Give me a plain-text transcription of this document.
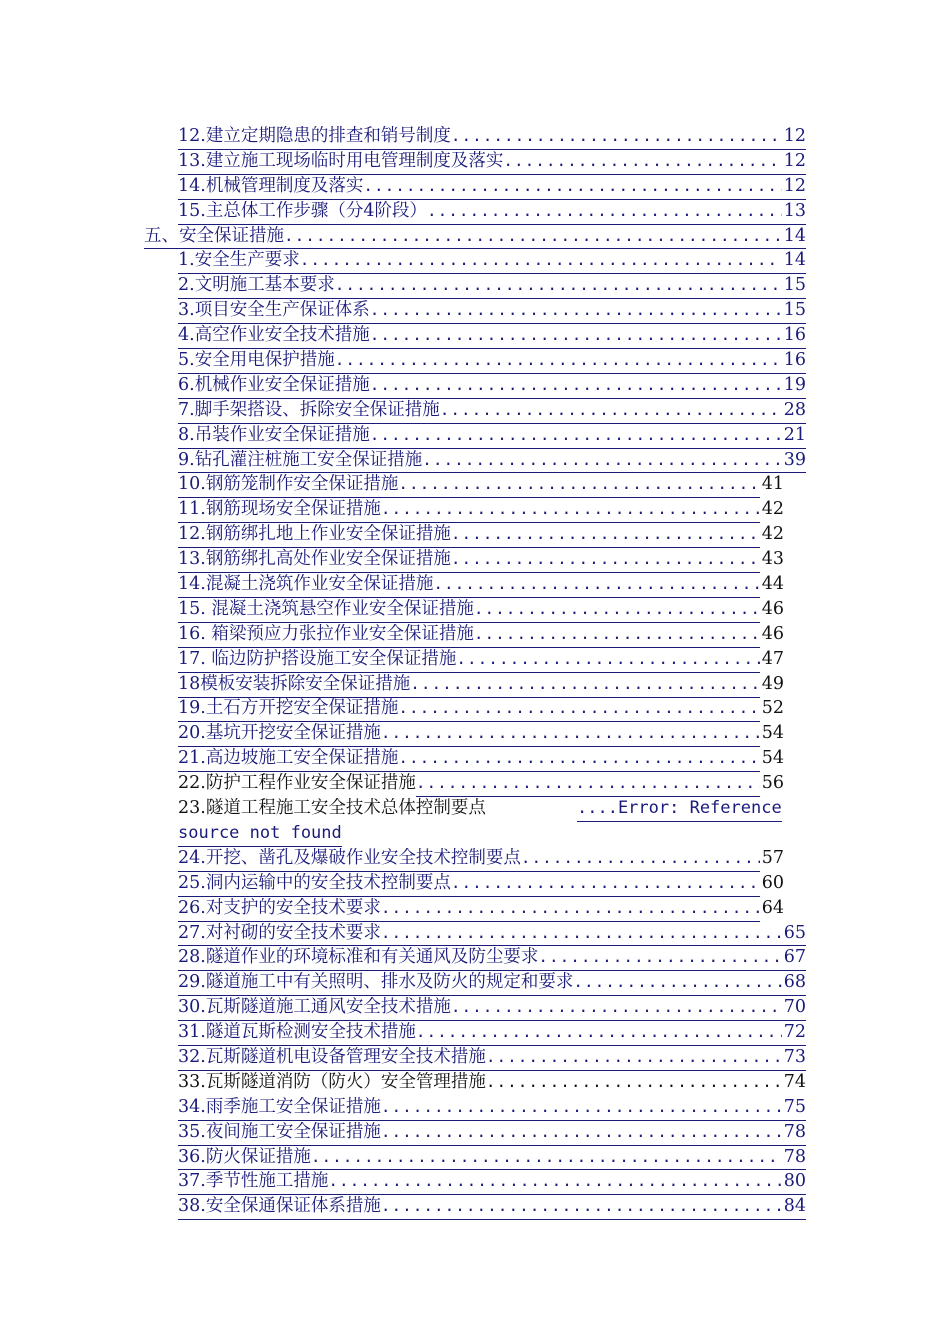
12.建立定期隐患的排查和销号制度 .....	12
13.建立施工现场临时用电管理制度及落实 .....	12
14.机械管理制度及落实 .....	12
15.主总体工作步骤（分4阶段） .....	13
五、安全保证措施 .....	14
1.安全生产要求 .....	14
2.文明施工基本要求 .....	15
3.项目安全生产保证体系 .....	15
4.高空作业安全技术措施 .....	16
5.安全用电保护措施 .....	16
6.机械作业安全保证措施 .....	19
7.脚手架搭设、拆除安全保证措施 .....	28
8.吊装作业安全保证措施 .....	21
9.钻孔灌注桩施工安全保证措施 .....	39
10.钢筋笼制作安全保证措施 .....	41
11.钢筋现场安全保证措施 .....	42
12.钢筋绑扎地上作业安全保证措施 .....	42
13.钢筋绑扎高处作业安全保证措施 .....	43
14.混凝土浇筑作业安全保证措施 .....	44
15. 混凝土浇筑悬空作业安全保证措施 .....	46
16. 箱梁预应力张拉作业安全保证措施 .....	46
17. 临边防护搭设施工安全保证措施 .....	47
18模板安装拆除安全保证措施 .....	49
19.土石方开挖安全保证措施 .....	52
20.基坑开挖安全保证措施 .....	54
21.高边坡施工安全保证措施 .....	54
22.防护工程作业安全保证措施 .....	56
23.隧道工程施工安全技术总体控制要点	....Error: Reference
source not found
24.开挖、凿孔及爆破作业安全技术控制要点 .....	57
25.洞内运输中的安全技术控制要点 .....	60
26.对支护的安全技术要求 .....	64
27.对衬砌的安全技术要求 .....	65
28.隧道作业的环境标准和有关通风及防尘要求 .....	67
29.隧道施工中有关照明、排水及防火的规定和要求 .....	68
30.瓦斯隧道施工通风安全技术措施 .....	70
31.隧道瓦斯检测安全技术措施 .....	72
32.瓦斯隧道机电设备管理安全技术措施 .....	73
33.瓦斯隧道消防（防火）安全管理措施 .....	74
34.雨季施工安全保证措施 .....	75
35.夜间施工安全保证措施 .....	78
36.防火保证措施 .....	78
37.季节性施工措施 .....	80
38.安全保通保证体系措施 .....	84
